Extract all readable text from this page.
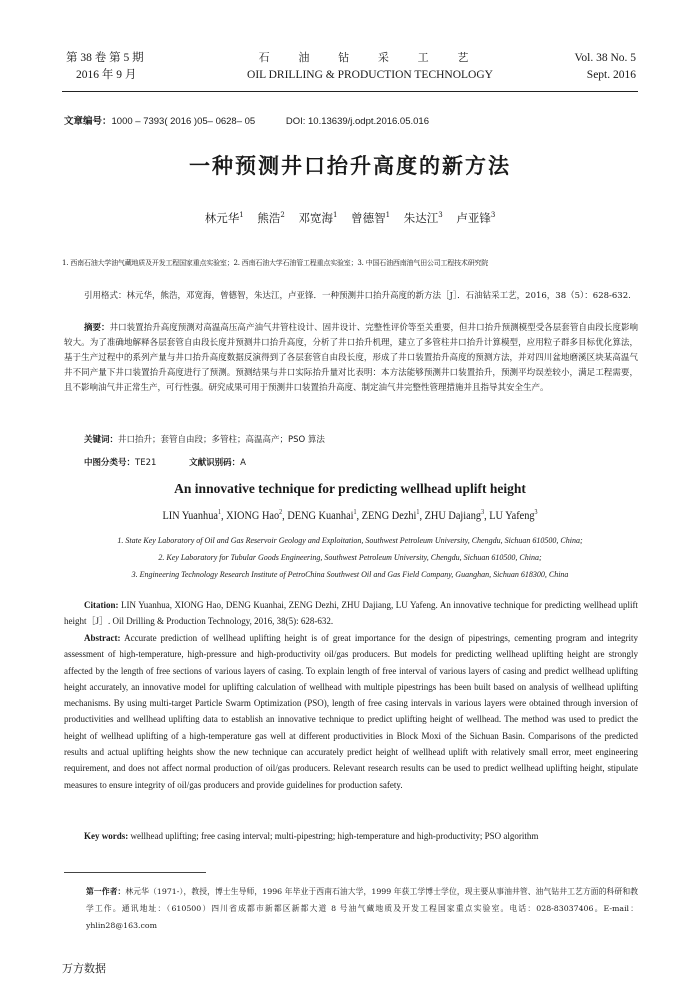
第 38 卷 第 5 期
2016 年 9 月
石 油 钻 采 工 艺
OIL DRILLING & PRODUCTION TECHNOLOGY
Vol. 38 No. 5
Sept. 2016
文章编号：1000 – 7393( 2016 )05– 0628– 05	DOI: 10.13639/j.odpt.2016.05.016
一种预测井口抬升高度的新方法
林元华$^1$ 熊浩$^2$ 邓宽海$^1$ 曾德智$^1$ 朱达江$^3$ 卢亚锋$^3$
1. 西南石油大学油气藏地质及开发工程国家重点实验室；2. 西南石油大学石油管工程重点实验室；3. 中国石油西南油气田公司工程技术研究院
引用格式：林元华，熊浩，邓宽海，曾德智，朱达江，卢亚锋．一种预测井口抬升高度的新方法［J］．石油钻采工艺，2016，38（5）：628-632.
摘要：井口装置抬升高度预测对高温高压高产油气井管柱设计、固井设计、完整性评价等至关重要，但井口抬升预测模型受各层套管自由段长度影响较大。为了准确地解释各层套管自由段长度并预测井口抬升高度，分析了井口抬升机理，建立了多管柱井口抬升计算模型，应用粒子群多目标优化算法，基于生产过程中的系列产量与井口抬升高度数据反演得到了各层套管自由段长度，形成了井口装置抬升高度的预测方法，并对四川盆地磨溪区块某高温气井不同产量下井口装置抬升高度进行了预测。预测结果与井口实际抬升量对比表明：本方法能够预测井口装置抬升，预测平均误差较小，满足工程需要，且不影响油气井正常生产，可行性强。研究成果可用于预测井口装置抬升高度、制定油气井完整性管理措施并且指导其安全生产。
关键词：井口抬升；套管自由段；多管柱；高温高产；PSO 算法
中图分类号：TE21	文献识别码：A
An innovative technique for predicting wellhead uplift height
LIN Yuanhua$^1$, XIONG Hao$^2$, DENG Kuanhai$^1$, ZENG Dezhi$^1$, ZHU Dajiang$^3$, LU Yafeng$^3$
1. State Key Laboratory of Oil and Gas Reservoir Geology and Exploitation, Southwest Petroleum University, Chengdu, Sichuan 610500, China;
2. Key Laboratory for Tubular Goods Engineering, Southwest Petroleum University, Chengdu, Sichuan 610500, China;
3. Engineering Technology Research Institute of PetroChina Southwest Oil and Gas Field Company, Guanghan, Sichuan 618300, China
Citation: LIN Yuanhua, XIONG Hao, DENG Kuanhai, ZENG Dezhi, ZHU Dajiang, LU Yafeng. An innovative technique for predicting wellhead uplift height［J］. Oil Drilling & Production Technology, 2016, 38(5): 628-632.
Abstract: Accurate prediction of wellhead uplifting height is of great importance for the design of pipestrings, cementing program and integrity assessment of high-temperature, high-pressure and high-productivity oil/gas producers. But models for predicting wellhead uplifting height are strongly affected by the length of free sections of various layers of casing. To explain length of free interval of various layers of casing and predict wellhead uplifting height accurately, an innovative model for uplifting calculation of wellhead with multiple pipestrings has been built based on analysis of wellhead uplifting mechanisms. By using multi-target Particle Swarm Optimization (PSO), length of free casing intervals in various layers were obtained through inversion of productivities and wellhead uplifting data to establish an innovative technique to predict uplifting height of wellhead. The method was used to predict the height of wellhead uplifting of a high-temperature gas well at different productivities in Block Moxi of the Sichuan Basin. Comparisons of the predicted results and actual uplifting heights show the new technique can accurately predict height of wellhead uplift with relatively small error, meet engineering requirement, and does not affect normal production of oil/gas producers. Relevant research results can be used to predict wellhead uplifting height, stipulate measures to ensure integrity of oil/gas producers and provide guidelines for production safety.
Key words: wellhead uplifting; free casing interval; multi-pipestring; high-temperature and high-productivity; PSO algorithm
第一作者：林元华（1971-），教授，博士生导师，1996 年毕业于西南石油大学，1999 年获工学博士学位，现主要从事油井管、油气钻井工艺方面的科研和教学工作。通讯地址：（610500）四川省成都市新都区新都大道 8 号油气藏地质及开发工程国家重点实验室。电话：028-83037406。E-mail：yhlin28@163.com
万方数据
